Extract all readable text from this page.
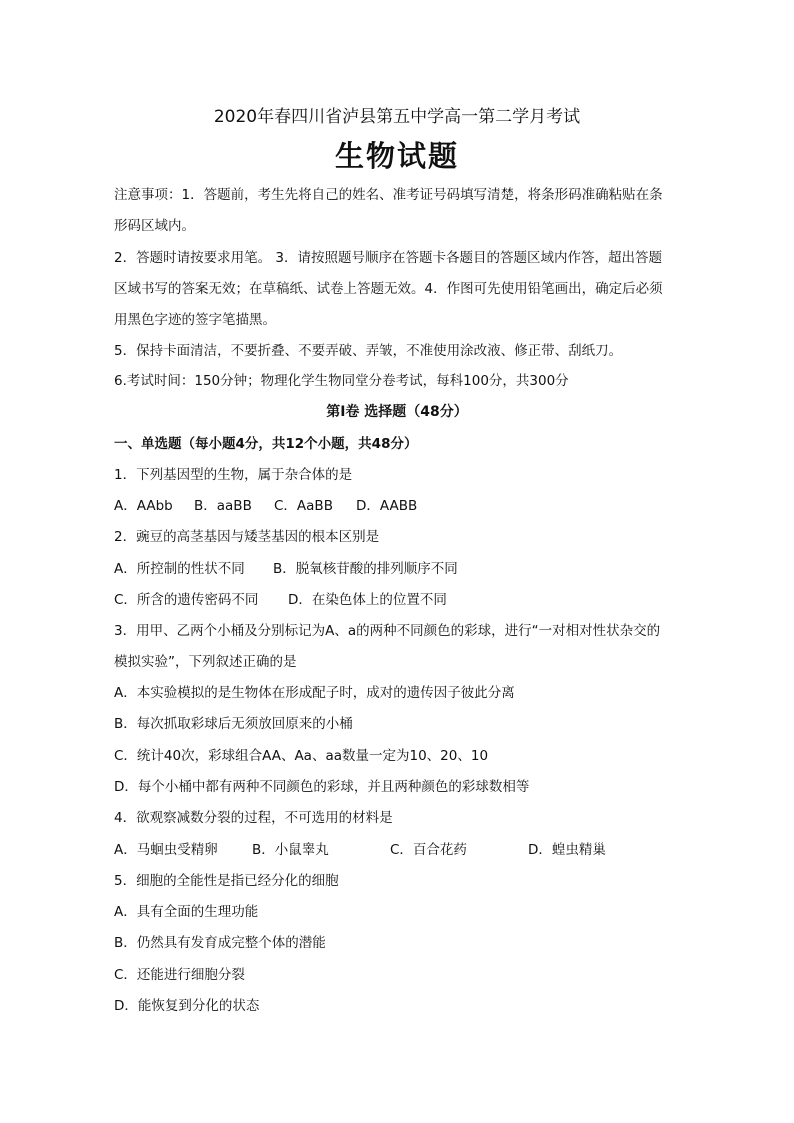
2020年春四川省泸县第五中学高一第二学月考试
生物试题
注意事项：1．答题前，考生先将自己的姓名、准考证号码填写清楚，将条形码准确粘贴在条
形码区域内。
2．答题时请按要求用笔。 3．请按照题号顺序在答题卡各题目的答题区域内作答，超出答题
区域书写的答案无效；在草稿纸、试卷上答题无效。4．作图可先使用铅笔画出，确定后必须
用黑色字迹的签字笔描黑。
5．保持卡面清洁，不要折叠、不要弄破、弄皱，不准使用涂改液、修正带、刮纸刀。
6.考试时间：150分钟；物理化学生物同堂分卷考试，每科100分，共300分
第Ⅰ卷 选择题（48分）
一、单选题（每小题4分，共12个小题，共48分）
1．下列基因型的生物，属于杂合体的是
A．AAbb B．aaBB C．AaBB D．AABB
2．豌豆的高茎基因与矮茎基因的根本区别是
A．所控制的性状不同 B．脱氧核苷酸的排列顺序不同
C．所含的遗传密码不同 D．在染色体上的位置不同
3．用甲、乙两个小桶及分别标记为A、a的两种不同颜色的彩球，进行“一对相对性状杂交的
模拟实验”，下列叙述正确的是
A．本实验模拟的是生物体在形成配子时，成对的遗传因子彼此分离
B．每次抓取彩球后无须放回原来的小桶
C．统计40次，彩球组合AA、Aa、aa数量一定为10、20、10
D．每个小桶中都有两种不同颜色的彩球，并且两种颜色的彩球数相等
4．欲观察减数分裂的过程，不可选用的材料是
A．马蛔虫受精卵	B．小鼠睾丸	C．百合花药	D．蝗虫精巢
5．细胞的全能性是指已经分化的细胞
A．具有全面的生理功能
B．仍然具有发育成完整个体的潜能
C．还能进行细胞分裂
D．能恢复到分化的状态
